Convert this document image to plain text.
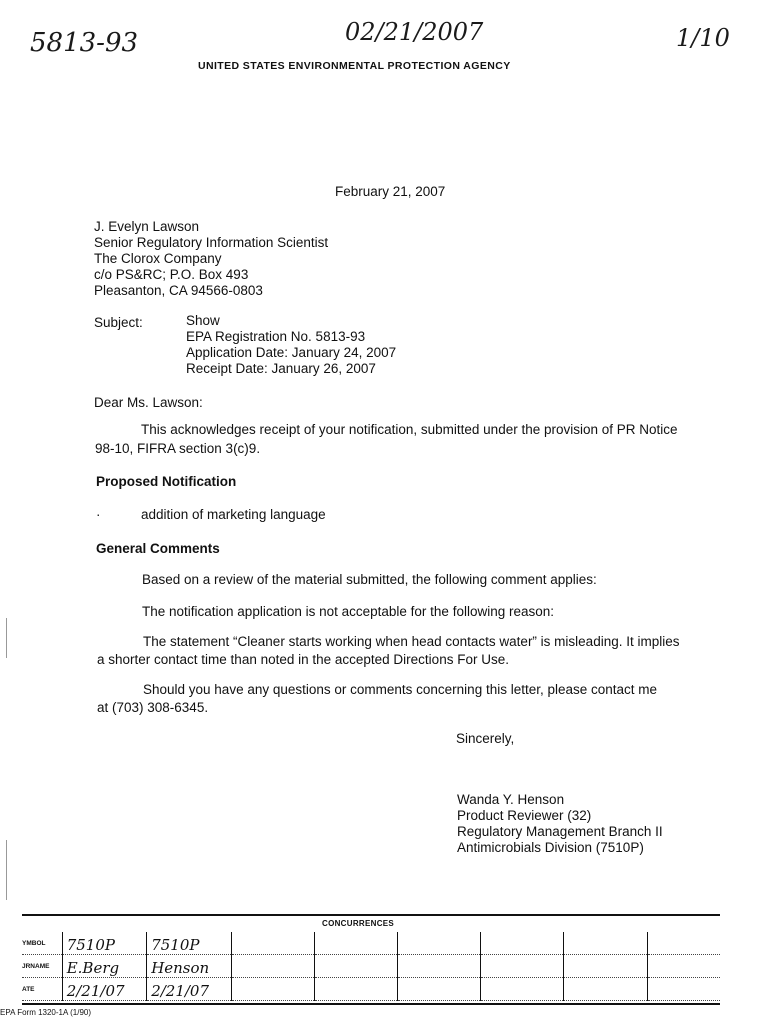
5813-93	02/21/2007	1/10
UNITED STATES ENVIRONMENTAL PROTECTION AGENCY
February 21, 2007
J. Evelyn Lawson
Senior Regulatory Information Scientist
The Clorox Company
c/o PS&RC; P.O. Box 493
Pleasanton, CA 94566-0803
Subject:	Show
EPA Registration No. 5813-93
Application Date: January 24, 2007
Receipt Date: January 26, 2007
Dear Ms. Lawson:
This acknowledges receipt of your notification, submitted under the provision of PR Notice
98-10, FIFRA section 3(c)9.
Proposed Notification
·	addition of marketing language
General Comments
Based on a review of the material submitted, the following comment applies:
The notification application is not acceptable for the following reason:
The statement “Cleaner starts working when head contacts water” is misleading. It implies
a shorter contact time than noted in the accepted Directions For Use.
Should you have any questions or comments concerning this letter, please contact me
at (703) 308-6345.
Sincerely,
Wanda Y. Henson
Product Reviewer (32)
Regulatory Management Branch II
Antimicrobials Division (7510P)
CONCURRENCES
YMBOL	7510P	7510P						
JRNAME	E.Berg	Henson						
ATE	2/21/07	2/21/07						
EPA Form 1320-1A (1/90)
